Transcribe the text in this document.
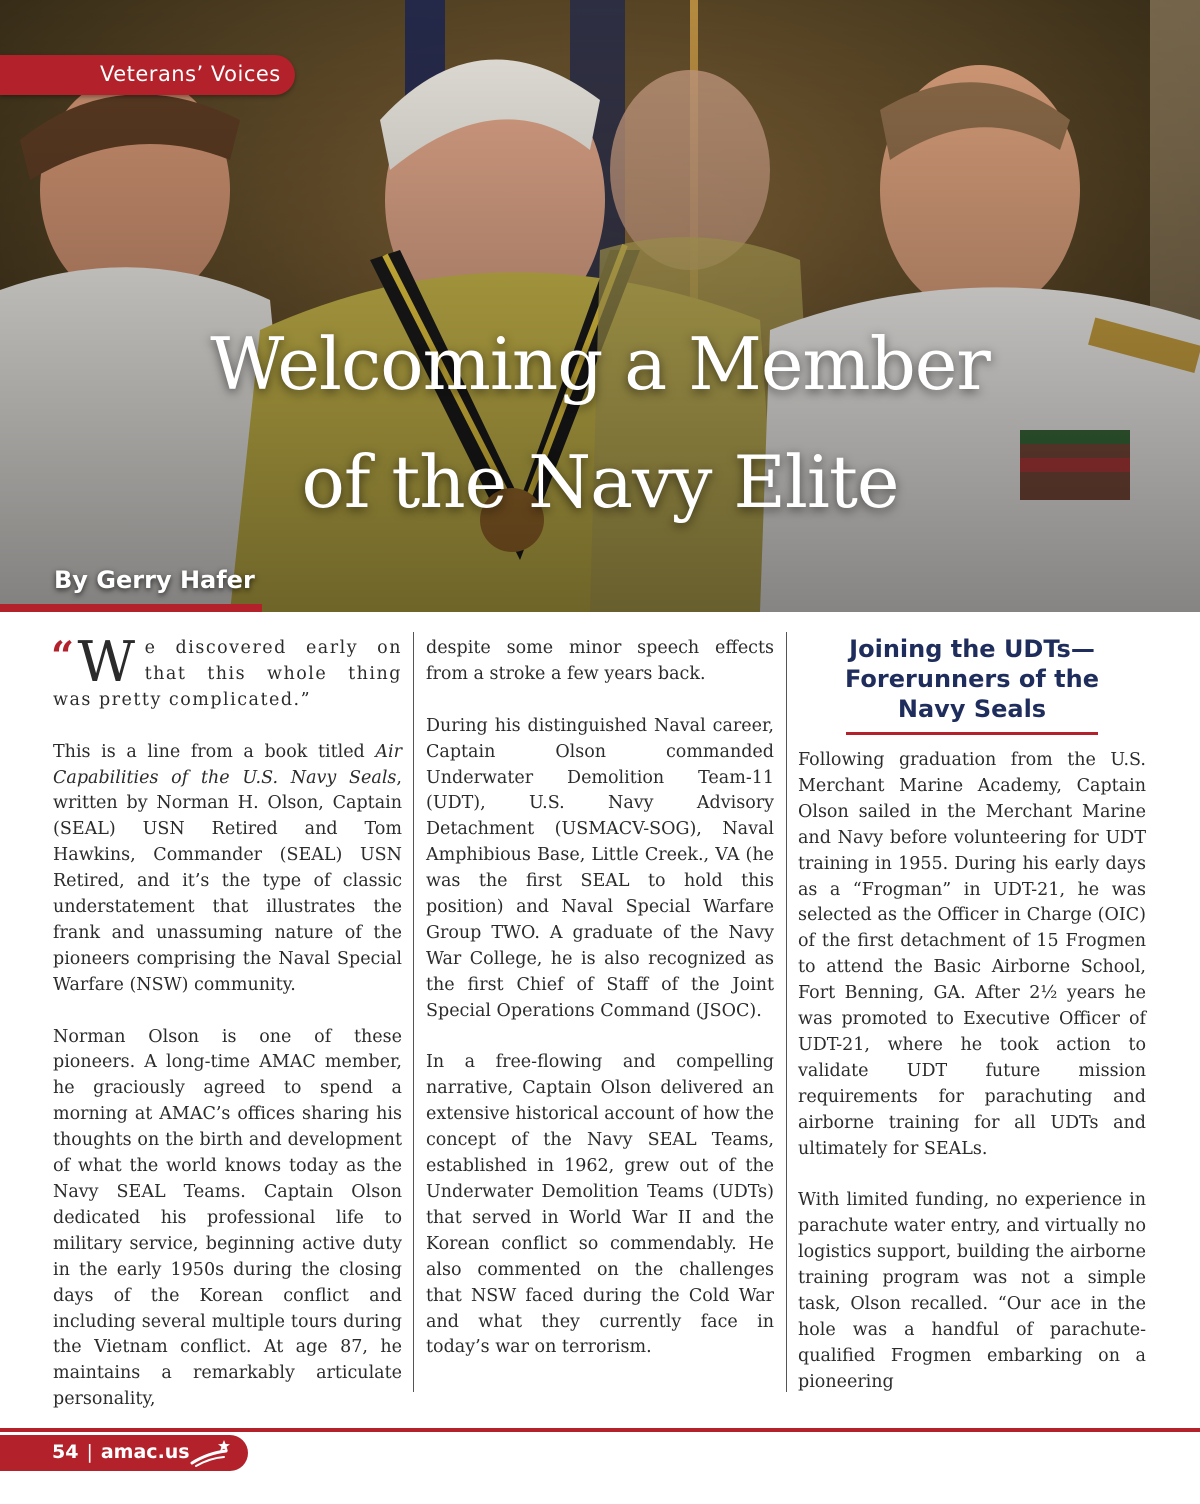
Veterans’ Voices
Welcoming a Member
of the Navy Elite
By Gerry Hafer

“ W e discovered early on that this whole thing was pretty complicated.”

This is a line from a book titled Air Capabilities of the U.S. Navy Seals, written by Norman H. Olson, Captain (SEAL) USN Retired and Tom Hawkins, Commander (SEAL) USN Retired, and it’s the type of classic understatement that illustrates the frank and unassuming nature of the pioneers comprising the Naval Special Warfare (NSW) community.

Norman Olson is one of these pioneers. A long-time AMAC member, he graciously agreed to spend a morning at AMAC’s offices sharing his thoughts on the birth and development of what the world knows today as the Navy SEAL Teams. Captain Olson dedicated his professional life to military service, beginning active duty in the early 1950s during the closing days of the Korean conflict and including several multiple tours during the Vietnam conflict. At age 87, he maintains a remarkably articulate personality,

despite some minor speech effects from a stroke a few years back.

During his distinguished Naval career, Captain Olson commanded Underwater Demolition Team-11 (UDT), U.S. Navy Advisory Detachment (USMACV-SOG), Naval Amphibious Base, Little Creek., VA (he was the first SEAL to hold this position) and Naval Special Warfare Group TWO. A graduate of the Navy War College, he is also recognized as the first Chief of Staff of the Joint Special Operations Command (JSOC).

In a free-flowing and compelling narrative, Captain Olson delivered an extensive historical account of how the concept of the Navy SEAL Teams, established in 1962, grew out of the Underwater Demolition Teams (UDTs) that served in World War II and the Korean conflict so commendably. He also commented on the challenges that NSW faced during the Cold War and what they currently face in today’s war on terrorism.

Joining the UDTs—
Forerunners of the
Navy Seals

Following graduation from the U.S. Merchant Marine Academy, Captain Olson sailed in the Merchant Marine and Navy before volunteering for UDT training in 1955. During his early days as a “Frogman” in UDT-21, he was selected as the Officer in Charge (OIC) of the first detachment of 15 Frogmen to attend the Basic Airborne School, Fort Benning, GA. After 2½ years he was promoted to Executive Officer of UDT-21, where he took action to validate UDT future mission requirements for parachuting and airborne training for all UDTs and ultimately for SEALs.

With limited funding, no experience in parachute water entry, and virtually no logistics support, building the airborne training program was not a simple task, Olson recalled. “Our ace in the hole was a handful of parachute-qualified Frogmen embarking on a pioneering

54 | amac.us
